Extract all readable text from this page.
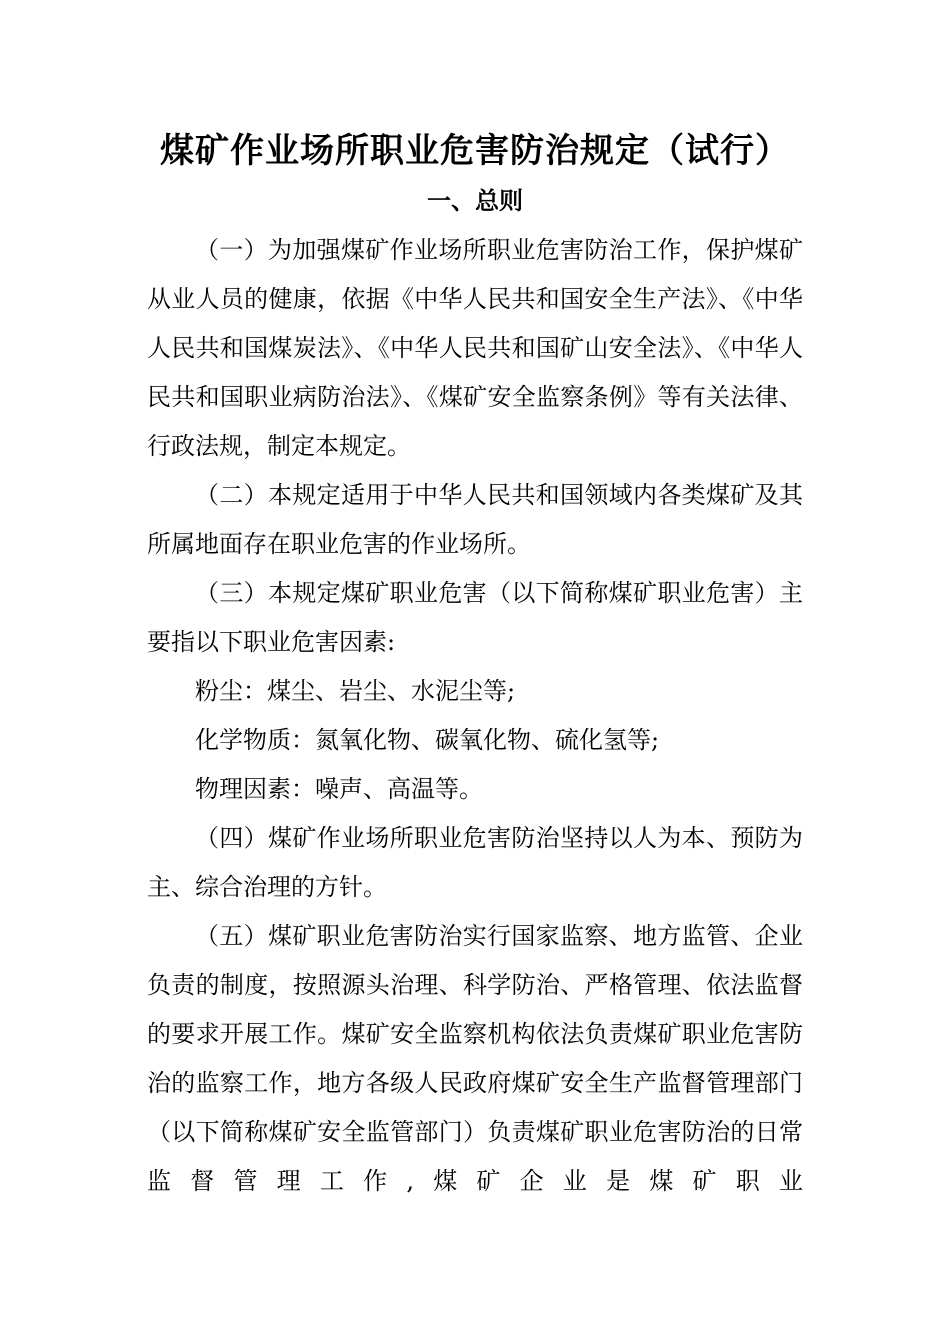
煤矿作业场所职业危害防治规定（试行）
一、总则

（一）为加强煤矿作业场所职业危害防治工作，保护煤矿从业人员的健康，依据《中华人民共和国安全生产法》、《中华人民共和国煤炭法》、《中华人民共和国矿山安全法》、《中华人民共和国职业病防治法》、《煤矿安全监察条例》等有关法律、行政法规，制定本规定。

（二）本规定适用于中华人民共和国领域内各类煤矿及其所属地面存在职业危害的作业场所。

（三）本规定煤矿职业危害（以下简称煤矿职业危害）主要指以下职业危害因素:

粉尘：煤尘、岩尘、水泥尘等;

化学物质：氮氧化物、碳氧化物、硫化氢等;

物理因素：噪声、高温等。

（四）煤矿作业场所职业危害防治坚持以人为本、预防为主、综合治理的方针。

（五）煤矿职业危害防治实行国家监察、地方监管、企业负责的制度，按照源头治理、科学防治、严格管理、依法监督的要求开展工作。煤矿安全监察机构依法负责煤矿职业危害防治的监察工作，地方各级人民政府煤矿安全生产监督管理部门（以下简称煤矿安全监管部门）负责煤矿职业危害防治的日常监督管理工作,煤矿企业是煤矿职业
